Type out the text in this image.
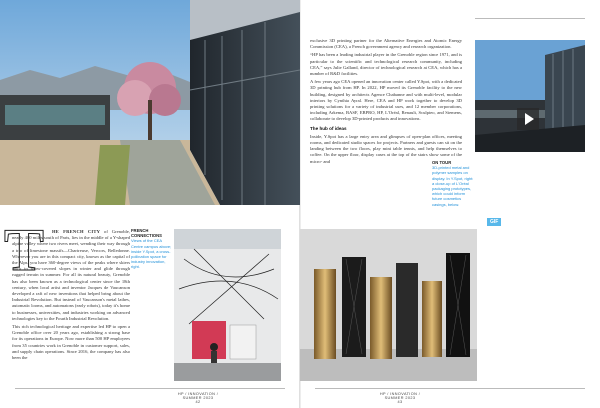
exclusive 3D printing partner for the Alternative Energies and Atomic Energy Commission (CEA), a French government agency and research organization.

“HP has been a leading industrial player in the Grenoble region since 1971, and is particular to the scientific and technological research community, including CEA,” says Julie Galland, director of technological research at CEA, which has a number of R&D facilities.

A few years ago CEA opened an innovation center called Y.Spot, with a dedicated 3D printing hub from HP. In 2022, HP moved its Grenoble facility to the new building, designed by architects Agence Chabanne and with multi-level, modular interiors by Cynthia Ayral. Here, CEA and HP work together to develop 3D printing solutions for a variety of industrial uses, and 12 member corporations, including Arkema, BASF, EBPRO, HP, L'Oréal, Renault, Sculpteo, and Siemens, collaborate to develop 3D-printed products and innovations.

The hub of ideas

Inside, Y.Spot has a large entry area and glimpses of open-plan offices, meeting rooms, and dedicated studio spaces for projects. Partners and guests can sit on the landing between the two floors, play mini table tennis, and help themselves to coffee. On the upper floor, display cases at the top of the stairs show some of the micro- and	ON TOUR
3D-printed metal and polymer samples on display. In Y.Spot, right: a close-up of L'Oréal packaging prototypes, which could inform future cosmetics casings, below.
T	HE FRENCH CITY of Grenoble, nearly 400 miles south of Paris, lies in the middle of a Y-shaped alpine valley where two rivers meet, wending their way through a trio of limestone massifs—Chartreuse, Vercors, Belledonne. Wherever you are in this compact city, known as the capital of the Alps, you have 360-degree views of the peaks where skiers flock to snow-covered slopes in winter and glide through rugged terrain in summer. For all its natural beauty, Grenoble has also been known as a technological center since the 18th century, when local artist and inventor Jacques de Vaucanson developed a raft of new inventions that helped bring about the Industrial Revolution. But instead of Vaucanson's metal lathes, automatic looms, and automatons (early robots), today it's home to businesses, universities, and industries working on advanced technologies key to the Fourth Industrial Revolution.

This rich technological heritage and expertise led HP to open a Grenoble office over 20 years ago, establishing a strong base for its operations in Europe. Now more than 500 HP employees from 35 countries work in Grenoble in customer support, sales, and supply chain operations. Since 2016, the company has also been the

FRENCH CONNECTIONS
Views of the CEA Centre campus above; inside Y.Spot, a cross-pollination space for industry innovation, right.
GIF
HP / INNOVATION / SUMMER 2023
42
HP / INNOVATION / SUMMER 2023
43
